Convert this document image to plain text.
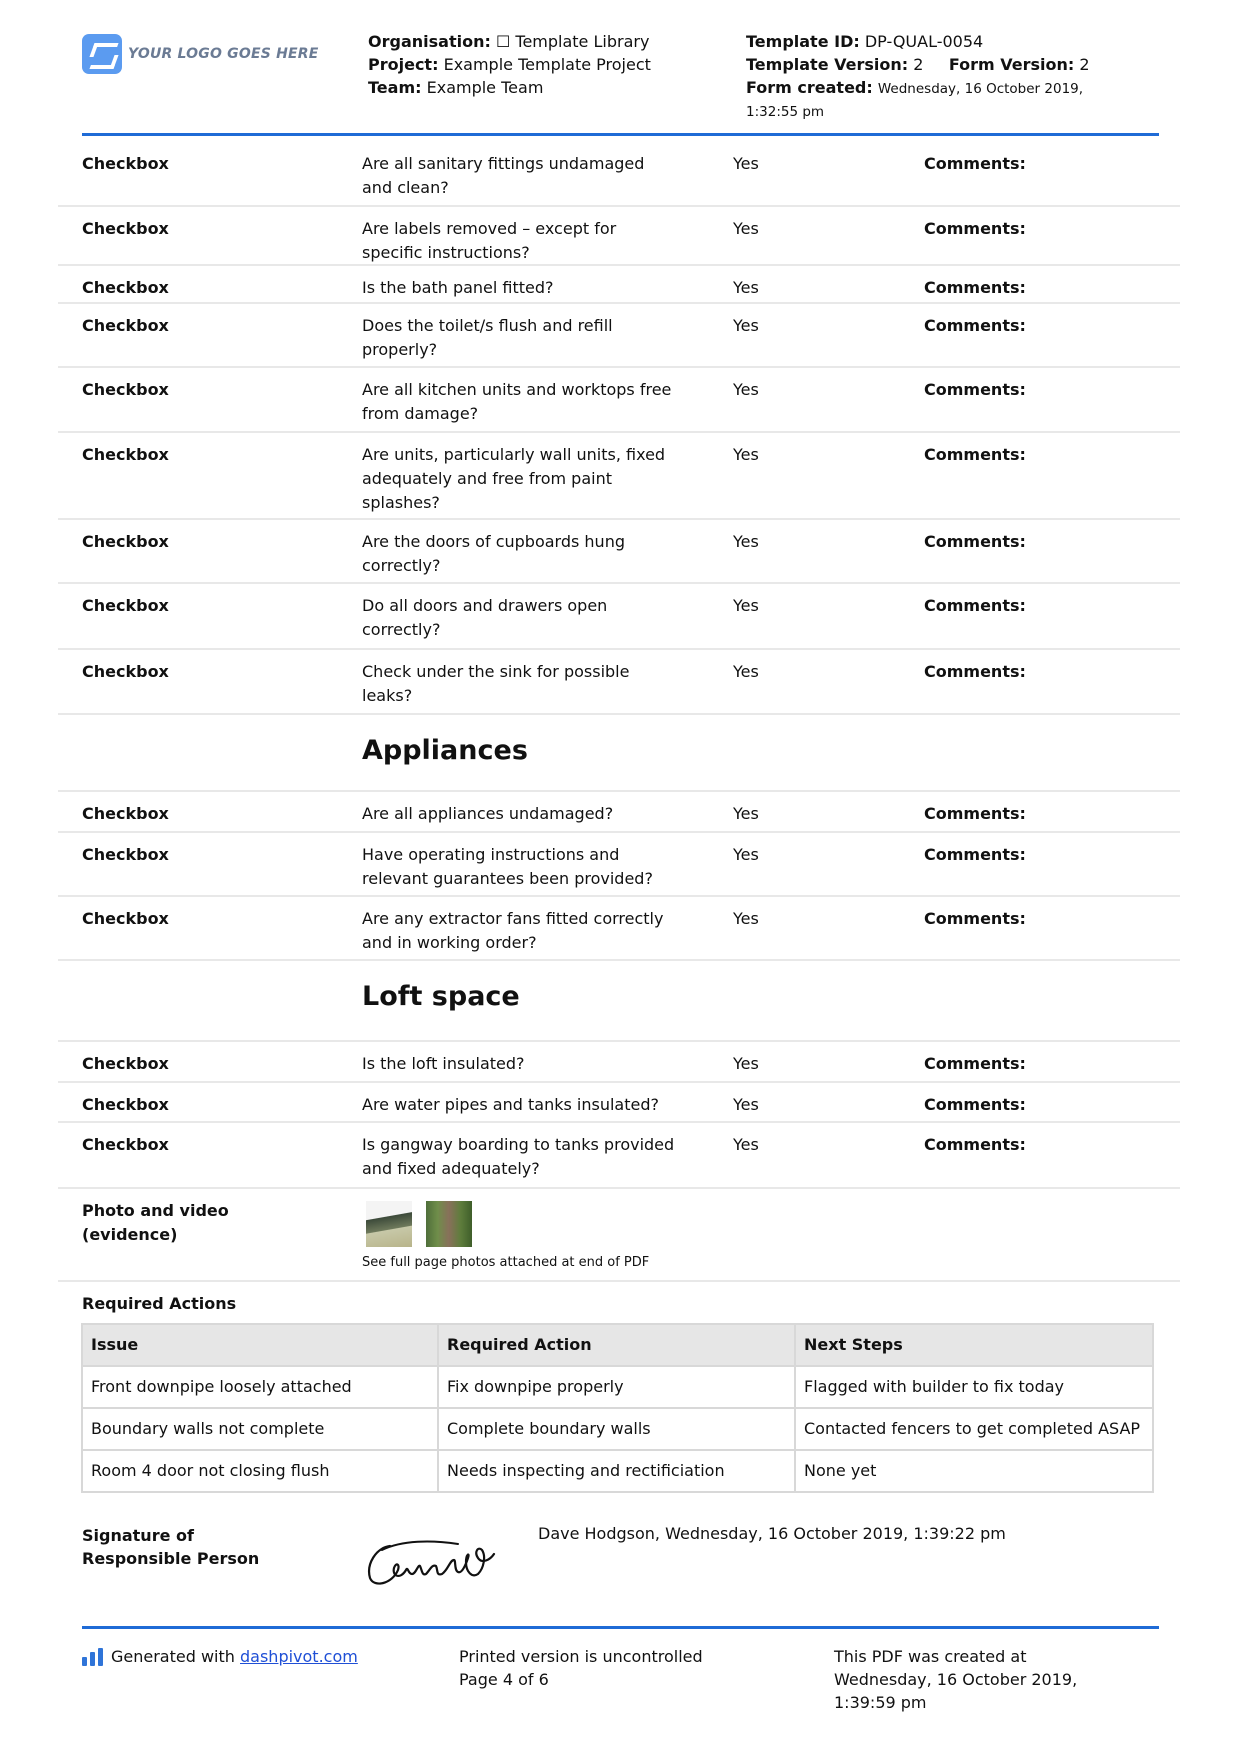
YOUR LOGO GOES HERE
Organisation: ☐ Template Library
Project: Example Template Project
Team: Example Team
Template ID: DP-QUAL-0054
Template Version: 2 Form Version: 2
Form created: Wednesday, 16 October 2019,
1:32:55 pm
Checkbox	Are all sanitary fittings undamaged
and clean?
Yes	Comments:
Checkbox	Are labels removed – except for
specific instructions?
Yes	Comments:
Checkbox	Is the bath panel fitted?	Yes	Comments:
Checkbox	Does the toilet/s flush and refill
properly?
Yes	Comments:
Checkbox	Are all kitchen units and worktops free
from damage?
Yes	Comments:
Checkbox	Are units, particularly wall units, fixed
adequately and free from paint
splashes?
Yes	Comments:
Checkbox	Are the doors of cupboards hung
correctly?
Yes	Comments:
Checkbox	Do all doors and drawers open
correctly?
Yes	Comments:
Checkbox	Check under the sink for possible
leaks?
Yes	Comments:
Appliances
Checkbox	Are all appliances undamaged?	Yes	Comments:
Checkbox	Have operating instructions and
relevant guarantees been provided?
Yes	Comments:
Checkbox	Are any extractor fans fitted correctly
and in working order?
Yes	Comments:
Loft space
Checkbox	Is the loft insulated?	Yes	Comments:
Checkbox	Are water pipes and tanks insulated?	Yes	Comments:
Checkbox	Is gangway boarding to tanks provided
and fixed adequately?
Yes	Comments:
Photo and video
(evidence)
See full page photos attached at end of PDF
Required Actions
Issue	Required Action	Next Steps
Front downpipe loosely attached	Fix downpipe properly	Flagged with builder to fix today
Boundary walls not complete	Complete boundary walls	Contacted fencers to get completed ASAP
Room 4 door not closing flush	Needs inspecting and rectificiation	None yet
Signature of
Responsible Person
Dave Hodgson, Wednesday, 16 October 2019, 1:39:22 pm
Generated with dashpivot.com	Printed version is uncontrolled
Page 4 of 6
This PDF was created at
Wednesday, 16 October 2019,
1:39:59 pm
